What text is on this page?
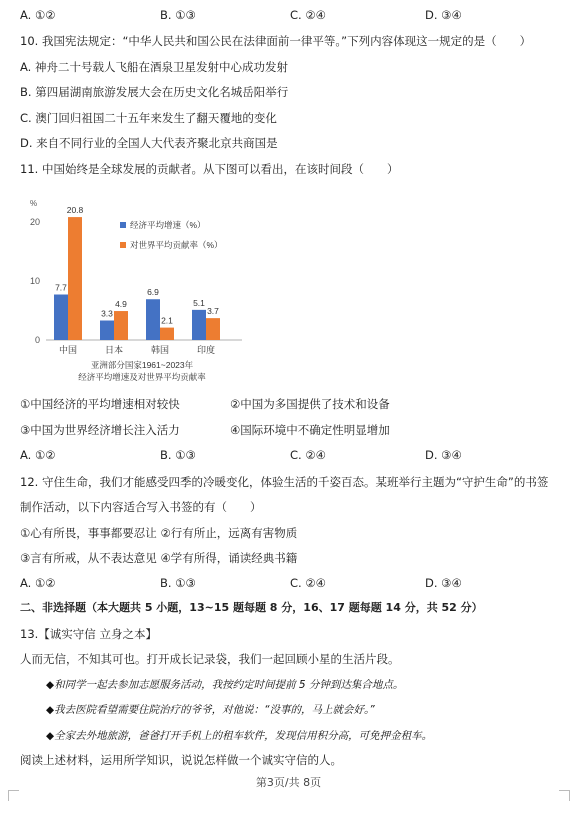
A. ①②	B. ①③	C. ②④	D. ③④
10. 我国宪法规定：“中华人民共和国公民在法律面前一律平等。”下列内容体现这一规定的是（　　）
A. 神舟二十号载人飞船在酒泉卫星发射中心成功发射
B. 第四届湖南旅游发展大会在历史文化名城岳阳举行
C. 澳门回归祖国二十五年来发生了翻天覆地的变化
D. 来自不同行业的全国人大代表齐聚北京共商国是
11. 中国始终是全球发展的贡献者。从下图可以看出，在该时间段（　　）
%
0
10
20
7.7
20.8
中国
3.3
4.9
日本
6.9
2.1
韩国
5.1
3.7
印度
经济平均增速（%）
对世界平均贡献率（%）
亚洲部分国家1961~2023年
经济平均增速及对世界平均贡献率
①中国经济的平均增速相对较快	②中国为多国提供了技术和设备
③中国为世界经济增长注入活力	④国际环境中不确定性明显增加
A. ①②	B. ①③	C. ②④	D. ③④
12. 守住生命，我们才能感受四季的冷暖变化，体验生活的千姿百态。某班举行主题为“守护生命”的书签
制作活动，以下内容适合写入书签的有（　　）
①心有所畏，事事都要忍让 ②行有所止，远离有害物质
③言有所戒，从不表达意见 ④学有所得，诵读经典书籍
A. ①②	B. ①③	C. ②④	D. ③④
二、非选择题（本大题共 5 小题，13~15 题每题 8 分，16、17 题每题 14 分，共 52 分）
13.【诚实守信 立身之本】
人而无信，不知其可也。打开成长记录袋，我们一起回顾小星的生活片段。
◆和同学一起去参加志愿服务活动，我按约定时间提前 5 分钟到达集合地点。
◆我去医院看望需要住院治疗的爷爷，对他说：“没事的，马上就会好。”
◆全家去外地旅游，爸爸打开手机上的租车软件，发现信用积分高，可免押金租车。
阅读上述材料，运用所学知识，说说怎样做一个诚实守信的人。
第3页/共 8页
